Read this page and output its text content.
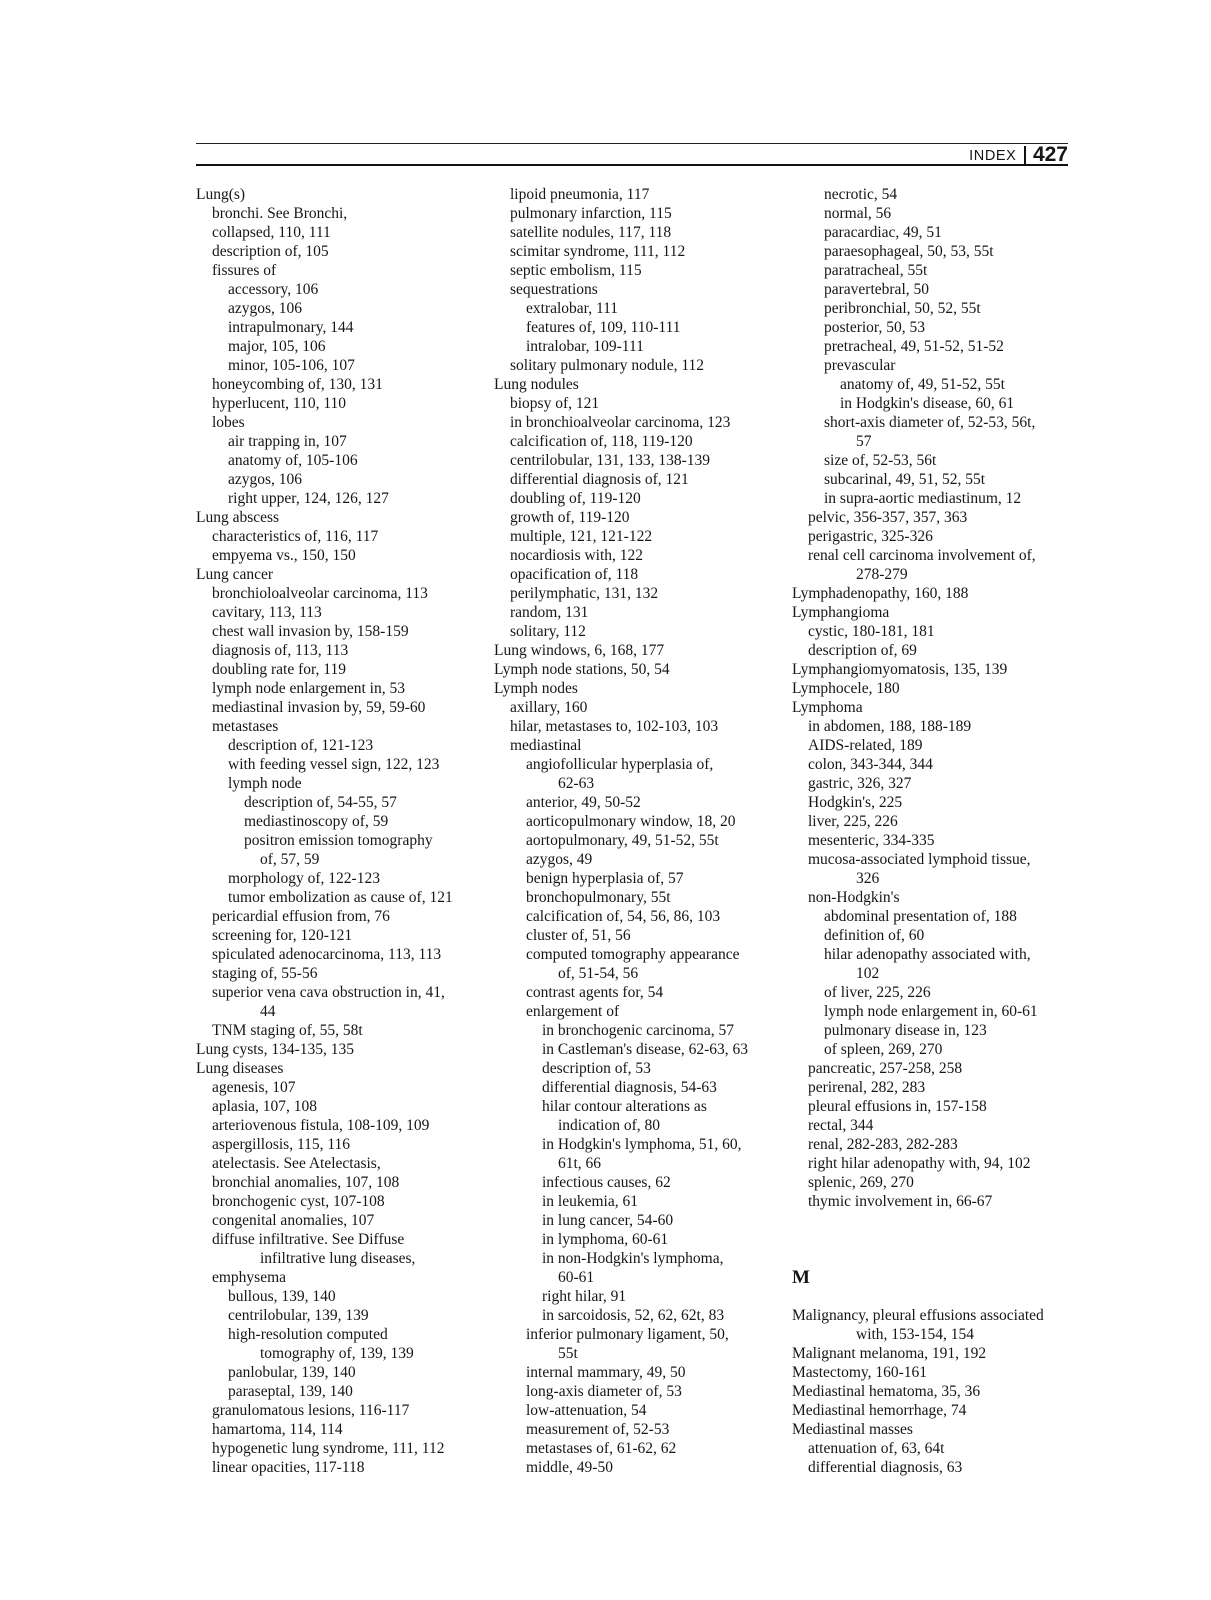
INDEX 427
Lung(s)
bronchi. See Bronchi,
collapsed, 110, 111
description of, 105
fissures of
accessory, 106
azygos, 106
intrapulmonary, 144
major, 105, 106
minor, 105-106, 107
honeycombing of, 130, 131
hyperlucent, 110, 110
lobes
air trapping in, 107
anatomy of, 105-106
azygos, 106
right upper, 124, 126, 127
Lung abscess
characteristics of, 116, 117
empyema vs., 150, 150
Lung cancer
bronchioloalveolar carcinoma, 113
cavitary, 113, 113
chest wall invasion by, 158-159
diagnosis of, 113, 113
doubling rate for, 119
lymph node enlargement in, 53
mediastinal invasion by, 59, 59-60
metastases
description of, 121-123
with feeding vessel sign, 122, 123
lymph node
description of, 54-55, 57
mediastinoscopy of, 59
positron emission tomography
of, 57, 59
morphology of, 122-123
tumor embolization as cause of, 121
pericardial effusion from, 76
screening for, 120-121
spiculated adenocarcinoma, 113, 113
staging of, 55-56
superior vena cava obstruction in, 41,
44
TNM staging of, 55, 58t
Lung cysts, 134-135, 135
Lung diseases
agenesis, 107
aplasia, 107, 108
arteriovenous fistula, 108-109, 109
aspergillosis, 115, 116
atelectasis. See Atelectasis,
bronchial anomalies, 107, 108
bronchogenic cyst, 107-108
congenital anomalies, 107
diffuse infiltrative. See Diffuse
infiltrative lung diseases,
emphysema
bullous, 139, 140
centrilobular, 139, 139
high-resolution computed
tomography of, 139, 139
panlobular, 139, 140
paraseptal, 139, 140
granulomatous lesions, 116-117
hamartoma, 114, 114
hypogenetic lung syndrome, 111, 112
linear opacities, 117-118
lipoid pneumonia, 117
pulmonary infarction, 115
satellite nodules, 117, 118
scimitar syndrome, 111, 112
septic embolism, 115
sequestrations
extralobar, 111
features of, 109, 110-111
intralobar, 109-111
solitary pulmonary nodule, 112
Lung nodules
biopsy of, 121
in bronchioalveolar carcinoma, 123
calcification of, 118, 119-120
centrilobular, 131, 133, 138-139
differential diagnosis of, 121
doubling of, 119-120
growth of, 119-120
multiple, 121, 121-122
nocardiosis with, 122
opacification of, 118
perilymphatic, 131, 132
random, 131
solitary, 112
Lung windows, 6, 168, 177
Lymph node stations, 50, 54
Lymph nodes
axillary, 160
hilar, metastases to, 102-103, 103
mediastinal
angiofollicular hyperplasia of,
62-63
anterior, 49, 50-52
aorticopulmonary window, 18, 20
aortopulmonary, 49, 51-52, 55t
azygos, 49
benign hyperplasia of, 57
bronchopulmonary, 55t
calcification of, 54, 56, 86, 103
cluster of, 51, 56
computed tomography appearance
of, 51-54, 56
contrast agents for, 54
enlargement of
in bronchogenic carcinoma, 57
in Castleman's disease, 62-63, 63
description of, 53
differential diagnosis, 54-63
hilar contour alterations as
indication of, 80
in Hodgkin's lymphoma, 51, 60,
61t, 66
infectious causes, 62
in leukemia, 61
in lung cancer, 54-60
in lymphoma, 60-61
in non-Hodgkin's lymphoma,
60-61
right hilar, 91
in sarcoidosis, 52, 62, 62t, 83
inferior pulmonary ligament, 50,
55t
internal mammary, 49, 50
long-axis diameter of, 53
low-attenuation, 54
measurement of, 52-53
metastases of, 61-62, 62
middle, 49-50
necrotic, 54
normal, 56
paracardiac, 49, 51
paraesophageal, 50, 53, 55t
paratracheal, 55t
paravertebral, 50
peribronchial, 50, 52, 55t
posterior, 50, 53
pretracheal, 49, 51-52, 51-52
prevascular
anatomy of, 49, 51-52, 55t
in Hodgkin's disease, 60, 61
short-axis diameter of, 52-53, 56t,
57
size of, 52-53, 56t
subcarinal, 49, 51, 52, 55t
in supra-aortic mediastinum, 12
pelvic, 356-357, 357, 363
perigastric, 325-326
renal cell carcinoma involvement of,
278-279
Lymphadenopathy, 160, 188
Lymphangioma
cystic, 180-181, 181
description of, 69
Lymphangiomyomatosis, 135, 139
Lymphocele, 180
Lymphoma
in abdomen, 188, 188-189
AIDS-related, 189
colon, 343-344, 344
gastric, 326, 327
Hodgkin's, 225
liver, 225, 226
mesenteric, 334-335
mucosa-associated lymphoid tissue,
326
non-Hodgkin's
abdominal presentation of, 188
definition of, 60
hilar adenopathy associated with,
102
of liver, 225, 226
lymph node enlargement in, 60-61
pulmonary disease in, 123
of spleen, 269, 270
pancreatic, 257-258, 258
perirenal, 282, 283
pleural effusions in, 157-158
rectal, 344
renal, 282-283, 282-283
right hilar adenopathy with, 94, 102
splenic, 269, 270
thymic involvement in, 66-67
M
Malignancy, pleural effusions associated
with, 153-154, 154
Malignant melanoma, 191, 192
Mastectomy, 160-161
Mediastinal hematoma, 35, 36
Mediastinal hemorrhage, 74
Mediastinal masses
attenuation of, 63, 64t
differential diagnosis, 63
